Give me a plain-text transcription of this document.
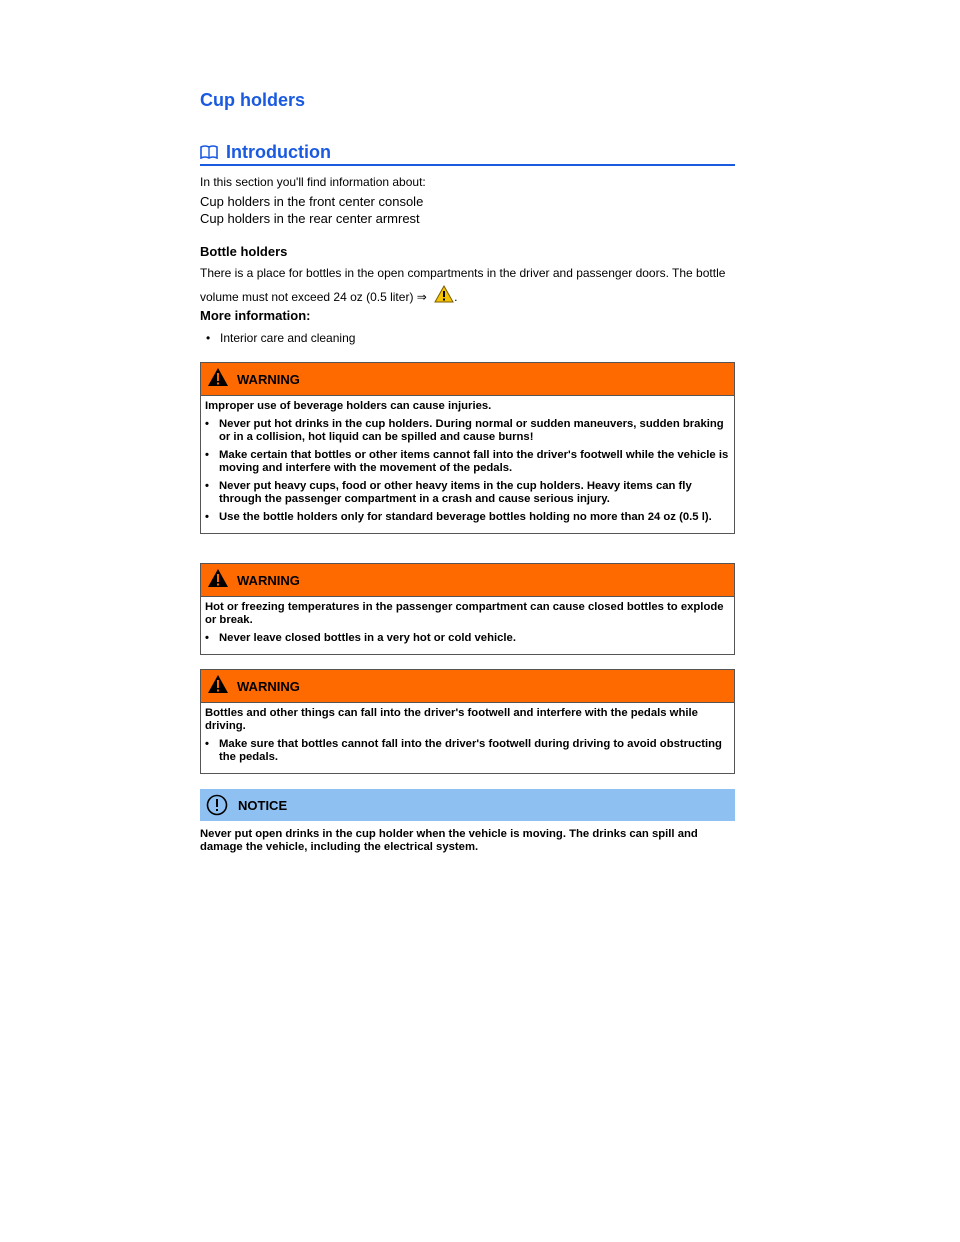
Cup holders
Introduction
In this section you'll find information about:
Cup holders in the front center console
Cup holders in the rear center armrest
Bottle holders
There is a place for bottles in the open compartments in the driver and passenger doors. The bottle
volume must not exceed 24 oz (0.5 liter) ⇒ .
More information:
• Interior care and cleaning
WARNING

Improper use of beverage holders can cause injuries.

• Never put hot drinks in the cup holders. During normal or sudden maneuvers, sudden braking or in a collision, hot liquid can be spilled and cause burns!

• Make certain that bottles or other items cannot fall into the driver's footwell while the vehicle is moving and interfere with the movement of the pedals.

• Never put heavy cups, food or other heavy items in the cup holders. Heavy items can fly through the passenger compartment in a crash and cause serious injury.

• Use the bottle holders only for standard beverage bottles holding no more than 24 oz (0.5 l).

WARNING

Hot or freezing temperatures in the passenger compartment can cause closed bottles to explode or break.

• Never leave closed bottles in a very hot or cold vehicle.

WARNING

Bottles and other things can fall into the driver's footwell and interfere with the pedals while driving.

• Make sure that bottles cannot fall into the driver's footwell during driving to avoid obstructing the pedals.

NOTICE
Never put open drinks in the cup holder when the vehicle is moving. The drinks can spill and damage the vehicle, including the electrical system.
